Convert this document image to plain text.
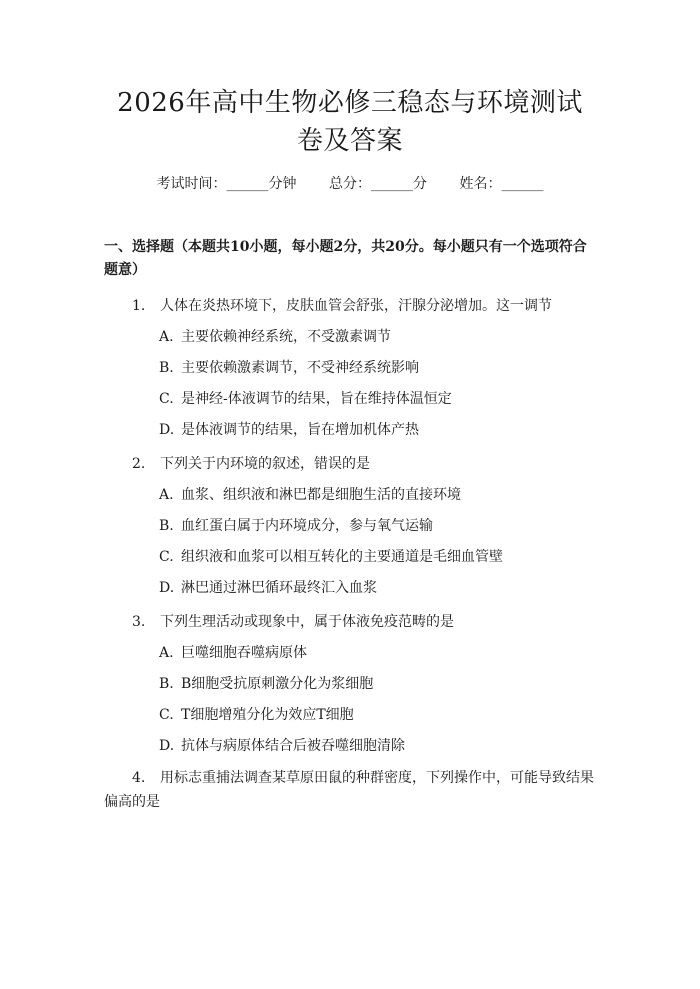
2026年高中生物必修三稳态与环境测试卷及答案
考试时间：______分钟 总分：______分 姓名：______
一、选择题（本题共10小题，每小题2分，共20分。每小题只有一个选项符合题意）
1. 人体在炎热环境下，皮肤血管会舒张，汗腺分泌增加。这一调节
A. 主要依赖神经系统，不受激素调节
B. 主要依赖激素调节，不受神经系统影响
C. 是神经-体液调节的结果，旨在维持体温恒定
D. 是体液调节的结果，旨在增加机体产热
2. 下列关于内环境的叙述，错误的是
A. 血浆、组织液和淋巴都是细胞生活的直接环境
B. 血红蛋白属于内环境成分，参与氧气运输
C. 组织液和血浆可以相互转化的主要通道是毛细血管壁
D. 淋巴通过淋巴循环最终汇入血浆
3. 下列生理活动或现象中，属于体液免疫范畴的是
A. 巨噬细胞吞噬病原体
B. B细胞受抗原刺激分化为浆细胞
C. T细胞增殖分化为效应T细胞
D. 抗体与病原体结合后被吞噬细胞清除
4. 用标志重捕法调查某草原田鼠的种群密度，下列操作中，可能导致结果偏高的是
